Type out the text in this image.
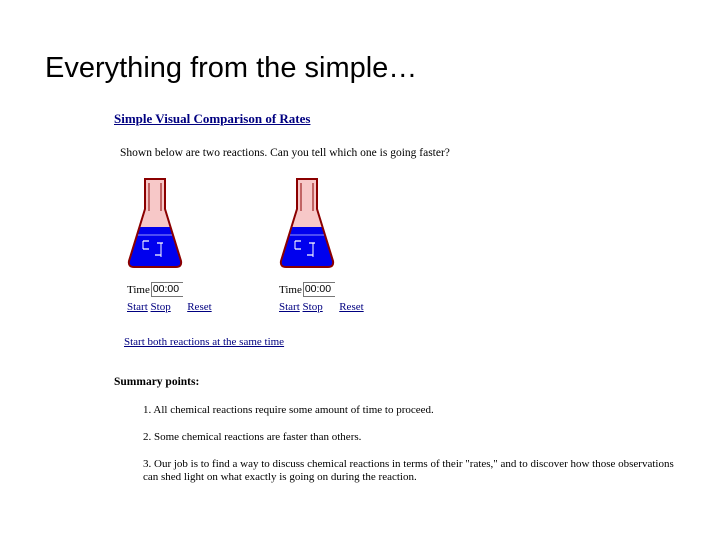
Everything from the simple…
Simple Visual Comparison of Rates
Shown below are two reactions. Can you tell which one is going faster?
Time 00:00
Start Stop Reset
Time 00:00
Start Stop Reset
Start both reactions at the same time
Summary points:
1. All chemical reactions require some amount of time to proceed.
2. Some chemical reactions are faster than others.
3. Our job is to find a way to discuss chemical reactions in terms of their "rates," and to discover how those observations can shed light on what exactly is going on during the reaction.
